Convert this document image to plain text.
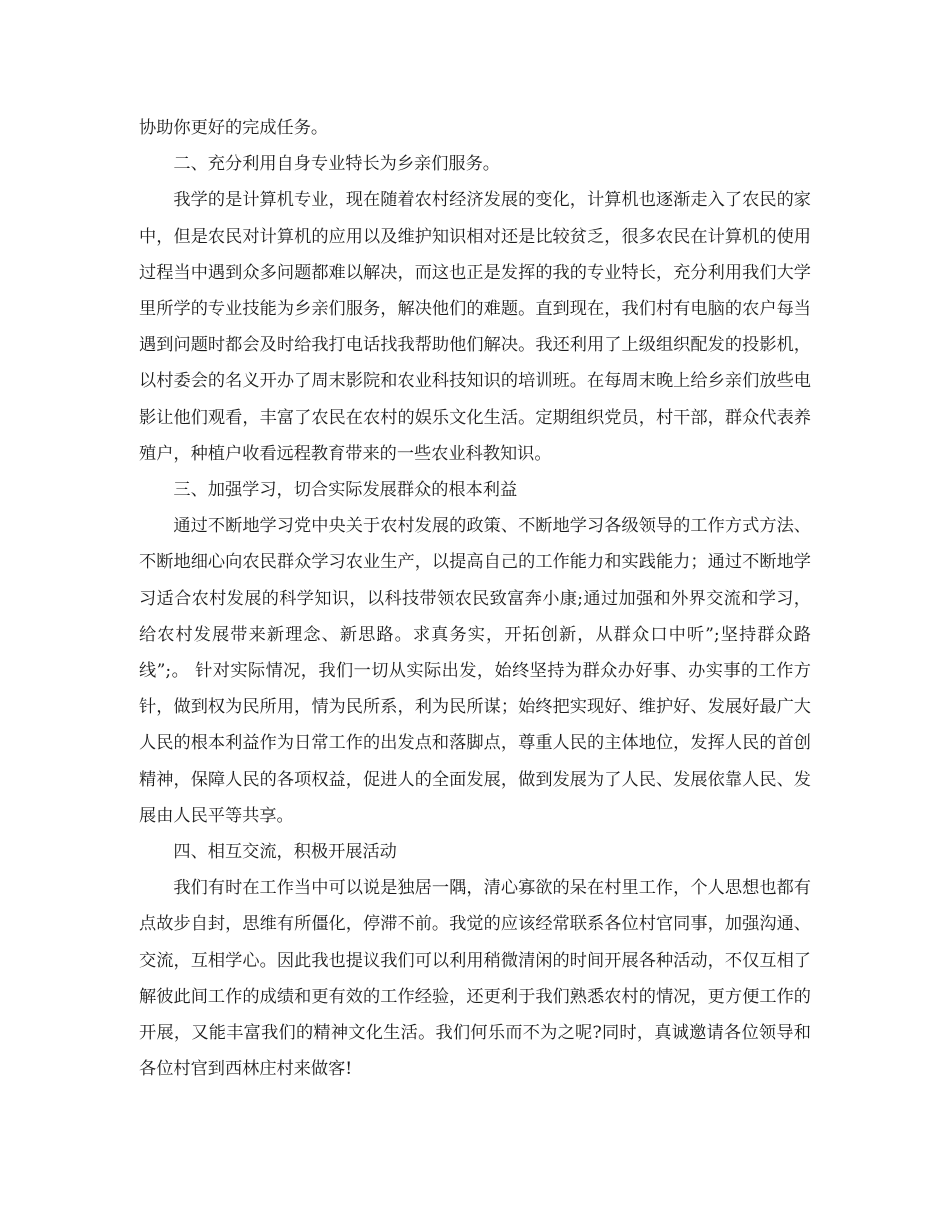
协助你更好的完成任务。

二、充分利用自身专业特长为乡亲们服务。

我学的是计算机专业，现在随着农村经济发展的变化，计算机也逐渐走入了农民的家中，但是农民对计算机的应用以及维护知识相对还是比较贫乏，很多农民在计算机的使用过程当中遇到众多问题都难以解决，而这也正是发挥的我的专业特长，充分利用我们大学里所学的专业技能为乡亲们服务，解决他们的难题。直到现在，我们村有电脑的农户每当遇到问题时都会及时给我打电话找我帮助他们解决。我还利用了上级组织配发的投影机，以村委会的名义开办了周末影院和农业科技知识的培训班。在每周末晚上给乡亲们放些电影让他们观看，丰富了农民在农村的娱乐文化生活。定期组织党员，村干部，群众代表养殖户，种植户收看远程教育带来的一些农业科教知识。

三、加强学习，切合实际发展群众的根本利益

通过不断地学习党中央关于农村发展的政策、不断地学习各级领导的工作方式方法、不断地细心向农民群众学习农业生产，以提高自己的工作能力和实践能力；通过不断地学习适合农村发展的科学知识，以科技带领农民致富奔小康;通过加强和外界交流和学习，给农村发展带来新理念、新思路。求真务实，开拓创新，从群众口中听”;坚持群众路线”;。 针对实际情况，我们一切从实际出发，始终坚持为群众办好事、办实事的工作方针，做到权为民所用，情为民所系，利为民所谋；始终把实现好、维护好、发展好最广大人民的根本利益作为日常工作的出发点和落脚点，尊重人民的主体地位，发挥人民的首创精神，保障人民的各项权益，促进人的全面发展，做到发展为了人民、发展依靠人民、发展由人民平等共享。

四、相互交流，积极开展活动

我们有时在工作当中可以说是独居一隅，清心寡欲的呆在村里工作，个人思想也都有点故步自封，思维有所僵化，停滞不前。我觉的应该经常联系各位村官同事，加强沟通、交流，互相学心。因此我也提议我们可以利用稍微清闲的时间开展各种活动，不仅互相了解彼此间工作的成绩和更有效的工作经验，还更利于我们熟悉农村的情况，更方便工作的开展，又能丰富我们的精神文化生活。我们何乐而不为之呢?同时，真诚邀请各位领导和各位村官到西林庄村来做客!
